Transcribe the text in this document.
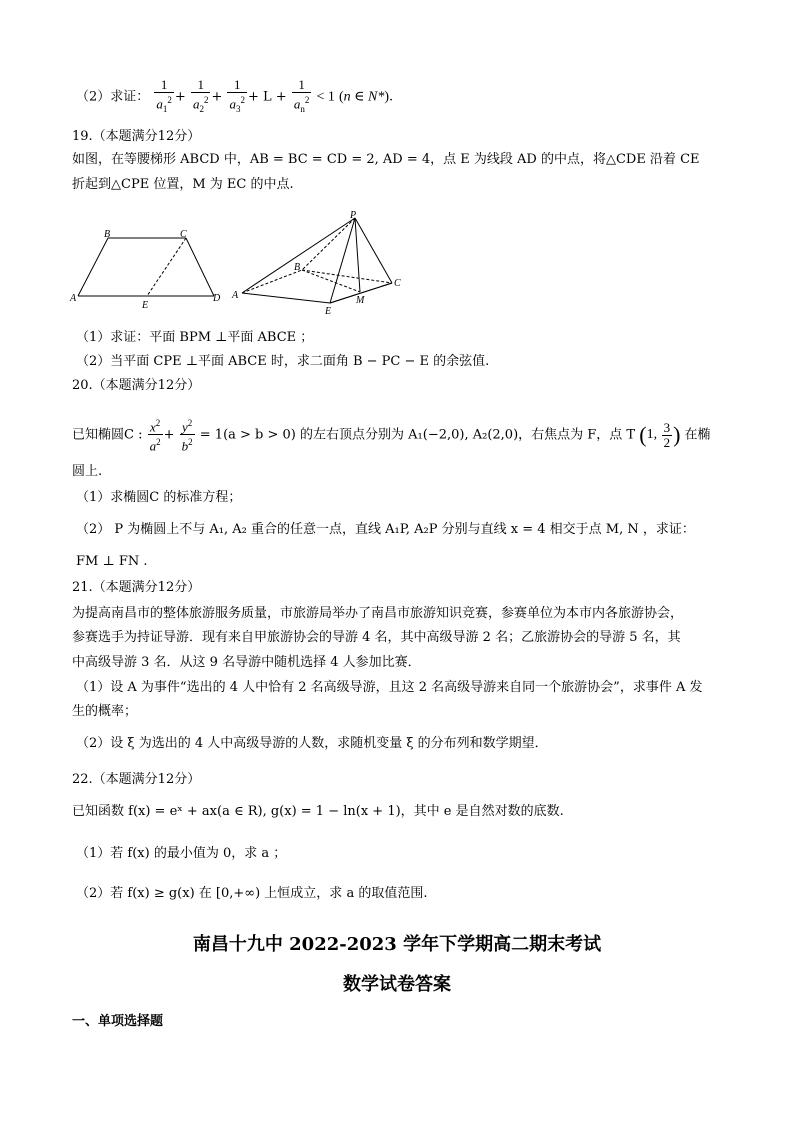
（2）求证： $\frac{1}{a_1^2} + \frac{1}{a_2^2} + \frac{1}{a_3^2} + L + \frac{1}{a_n^2} < 1$ (n ∈ N*).
19.（本题满分12分）
如图，在等腰梯形 ABCD 中，AB = BC = CD = 2, AD = 4，点 E 为线段 AD 的中点，将△CDE 沿着 CE
折起到△CPE 位置，M 为 EC 的中点.
B	C
A
E
D
P
B
A
E
M
C
（1）求证：平面 BPM ⊥平面 ABCE ；
（2）当平面 CPE ⊥平面 ABCE 时，求二面角 B − PC − E 的余弦值.
20.（本题满分12分）
已知椭圆C : $\frac{x^2}{a^2} + \frac{y^2}{b^2} = 1(a > b > 0)$ 的左右顶点分别为 A₁(−2,0), A₂(2,0)，右焦点为 F，点 T (1, $\frac{3}{2}$ ) 在椭
圆上.
（1）求椭圆C 的标准方程；
（2） P 为椭圆上不与 A₁, A₂ 重合的任意一点，直线 A₁P, A₂P 分别与直线 x = 4 相交于点 M, N ，求证：
FM ⊥ FN .
21.（本题满分12分）
为提高南昌市的整体旅游服务质量，市旅游局举办了南昌市旅游知识竞赛，参赛单位为本市内各旅游协会，
参赛选手为持证导游．现有来自甲旅游协会的导游 4 名，其中高级导游 2 名；乙旅游协会的导游 5 名，其
中高级导游 3 名．从这 9 名导游中随机选择 4 人参加比赛．
（1）设 A 为事件“选出的 4 人中恰有 2 名高级导游，且这 2 名高级导游来自同一个旅游协会”，求事件 A 发
生的概率；
（2）设 ξ 为选出的 4 人中高级导游的人数，求随机变量 ξ 的分布列和数学期望．
22.（本题满分12分）
已知函数 f(x) = eˣ + ax(a ∈ R), g(x) = 1 − ln(x + 1)，其中 e 是自然对数的底数.
（1）若 f(x) 的最小值为 0，求 a ；
（2）若 f(x) ≥ g(x) 在 [0,+∞) 上恒成立，求 a 的取值范围.
南昌十九中 2022-2023 学年下学期高二期末考试
数学试卷答案
一、单项选择题
